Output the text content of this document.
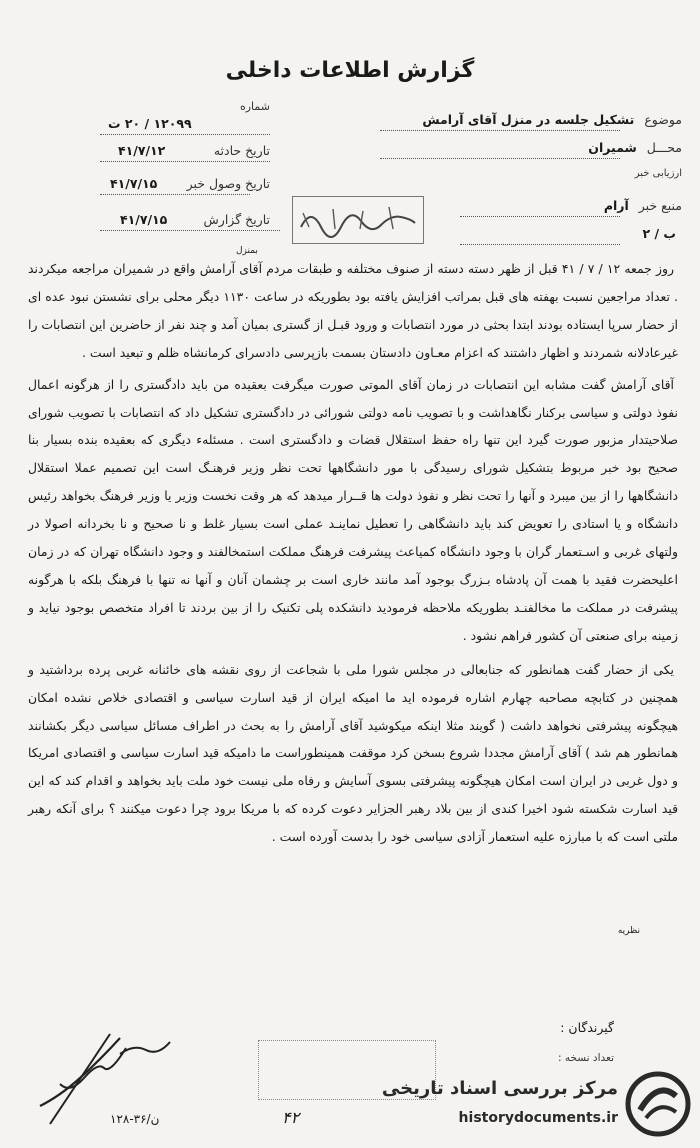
گزارش اطلاعات داخلی
موضوع تشکیل جلسه در منزل آقای آرامش
محـــل شمیران
ارزیابی خبر
منبع خبر آرام
ب / ۲
شماره
۱۲۰۹۹ / ۲۰ ت
تاریخ حادثه
۴۱/۷/۱۲
تاریخ وصول خبر
۴۱/۷/۱۵
تاریخ گزارش
۴۱/۷/۱۵
بمنزل

روز جمعه ۱۲ / ۷ / ۴۱ قبل از ظهر دسته دسته از صنوف مختلفه و طبقات مردم آقای آرامش واقع در شمیران مراجعه میکردند . تعداد مراجعین نسبت بهفته های قبل بمراتب افزایش یافته بود بطوریکه در ساعت ۱۱۳۰ دیگر محلی برای نشستن نبود عده ای از حضار سرپا ایستاده بودند ابتدا بحثی در مورد انتصابات و ورود قبـل از گستری بمیان آمد و چند نفر از حاضرین این انتصابات را غیرعادلانه شمردند و اظهار داشتند که اعزام معـاون دادستان بسمت بازپرسی دادسرای کرمانشاه ظلم و تبعید است .

آقای آرامش گفت مشابه این انتصابات در زمان آقای الموتی صورت میگرفت بعقیده من باید دادگستری را از هرگونه اعمال نفوذ دولتی و سیاسی برکنار نگاهداشت و با تصویب نامه دولتی شورائی در دادگستری تشکیل داد که انتصابات با تصویب شورای صلاحیتدار مزبور صورت گیرد این تنها راه حفظ استقلال قضات و دادگستری است . مسئلهء دیگری که بعقیده بنده بسیار بنا صحیح بود خبر مربوط بتشکیل شورای رسیدگی با مور دانشگاهها تحت نظر وزیر فرهنـگ است این تصمیم عملا استقلال دانشگاهها را از بین میبرد و آنها را تحت نظر و نفوذ دولت ها قــرار میدهد که هر وقت نخست وزیر یا وزیر فرهنگ بخواهد رئیس دانشگاه و یا استادی را تعویض کند باید دانشگاهی را تعطیل نماینـد عملی است بسیار غلط و نا صحیح و نا بخردانه اصولا در ولتهای غربی و اسـتعمار گران با وجود دانشگاه کمیاعث پیشرفت فرهنگ مملکت استمخالفند و وجود دانشگاه تهران که در زمان اعلیحضرت فقید با همت آن پادشاه بـزرگ بوجود آمد مانند خاری است بر چشمان آنان و آنها نه تنها با فرهنگ بلکه با هرگونه پیشرفت در مملکت ما مخالفنـد بطوریکه ملاحظه فرمودید دانشکده پلی تکنیک را از بین بردند تا افراد متخصص بوجود نیاید و زمینه برای صنعتی آن کشور فراهم نشود .

یکی از حضار گفت همانطور که جنابعالی در مجلس شورا ملی با شجاعت از روی نقشه های خائنانه غربی پرده برداشتید و همچنین در کتابچه مصاحبه چهارم اشاره فرموده اید ما امیکه ایران از قید اسارت سیاسی و اقتصادی خلاص نشده امکان هیچگونه پیشرفتی نخواهد داشت ( گویند مثلا اینکه میکوشید آقای آرامش را به بحث در اطراف مسائل سیاسی دیگر بکشانند همانطور هم شد ) آقای آرامش مجددا شروع بسخن کرد موقفت همینطوراست ما دامیکه قید اسارت سیاسی و اقتصادی امریکا و دول غربی در ایران است امکان هیچگونه پیشرفتی بسوی آسایش و رفاه ملی نیست خود ملت باید بخواهد و اقدام کند که این قید اسارت شکسته شود اخیرا کندی از بین بلاد رهبر الجزایر دعوت کرده که با مریکا برود چرا دعوت میکنند ؟ برای آنکه رهبر ملتی است که با مبارزه علیه استعمار آزادی سیاسی خود را بدست آورده است .

نظریه
گیرندگان :
تعداد نسخه :
۱۲۸-۳۶/ن	۴۲
مرکز بررسی اسناد تاریخی
historydocuments.ir
